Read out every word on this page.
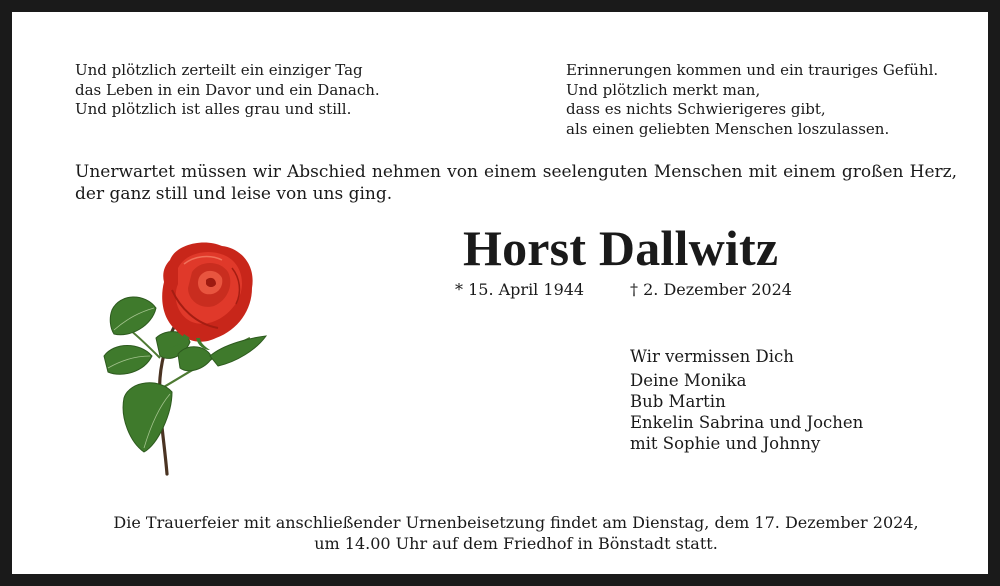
Und plötzlich zerteilt ein einziger Tag
das Leben in ein Davor und ein Danach.
Und plötzlich ist alles grau und still.
Erinnerungen kommen und ein trauriges Gefühl.
Und plötzlich merkt man,
dass es nichts Schwierigeres gibt,
als einen geliebten Menschen loszulassen.
Unerwartet müssen wir Abschied nehmen von einem seelenguten Menschen mit einem großen Herz, der ganz still und leise von uns ging.
Horst Dallwitz
* 15. April 1944	† 2. Dezember 2024
Wir vermissen Dich
Deine Monika
Bub Martin
Enkelin Sabrina und Jochen
mit Sophie und Johnny
Die Trauerfeier mit anschließender Urnenbeisetzung findet am Dienstag, dem 17. Dezember 2024,
um 14.00 Uhr auf dem Friedhof in Bönstadt statt.
